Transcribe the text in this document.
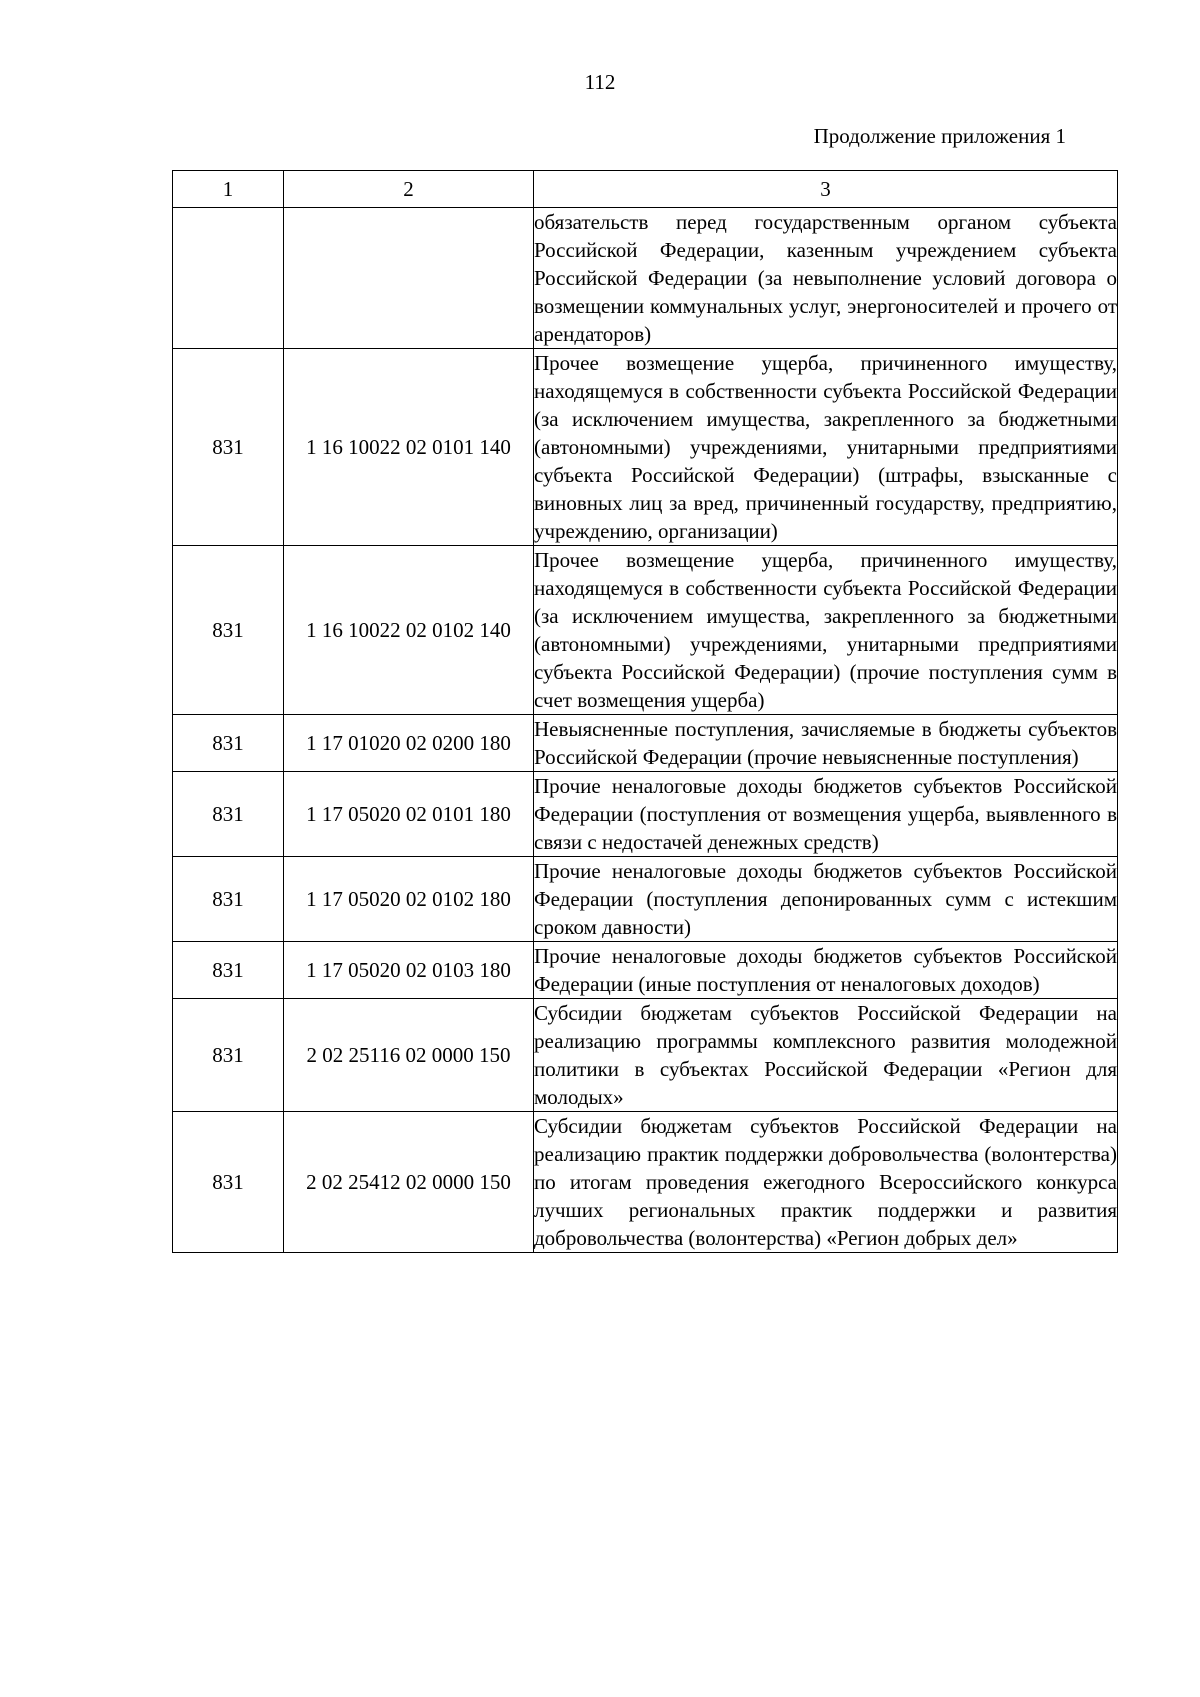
112
Продолжение приложения 1
1	2	3
		обязательств перед государственным органом субъекта Российской Федерации, казенным учреждением субъекта Российской Федерации (за невыполнение условий договора о возмещении коммунальных услуг, энергоносителей и прочего от арендаторов)
831	1 16 10022 02 0101 140	Прочее возмещение ущерба, причиненного имуществу, находящемуся в собственности субъекта Российской Федерации (за исключением имущества, закрепленного за бюджетными (автономными) учреждениями, унитарными предприятиями субъекта Российской Федерации) (штрафы, взысканные с виновных лиц за вред, причиненный государству, предприятию, учреждению, организации)
831	1 16 10022 02 0102 140	Прочее возмещение ущерба, причиненного имуществу, находящемуся в собственности субъекта Российской Федерации (за исключением имущества, закрепленного за бюджетными (автономными) учреждениями, унитарными предприятиями субъекта Российской Федерации) (прочие поступления сумм в счет возмещения ущерба)
831	1 17 01020 02 0200 180	Невыясненные поступления, зачисляемые в бюджеты субъектов Российской Федерации (прочие невыясненные поступления)
831	1 17 05020 02 0101 180	Прочие неналоговые доходы бюджетов субъектов Российской Федерации (поступления от возмещения ущерба, выявленного в связи с недостачей денежных средств)
831	1 17 05020 02 0102 180	Прочие неналоговые доходы бюджетов субъектов Российской Федерации (поступления депонированных сумм с истекшим сроком давности)
831	1 17 05020 02 0103 180	Прочие неналоговые доходы бюджетов субъектов Российской Федерации (иные поступления от неналоговых доходов)
831	2 02 25116 02 0000 150	Субсидии бюджетам субъектов Российской Федерации на реализацию программы комплексного развития молодежной политики в субъектах Российской Федерации «Регион для молодых»
831	2 02 25412 02 0000 150	Субсидии бюджетам субъектов Российской Федерации на реализацию практик поддержки добровольчества (волонтерства) по итогам проведения ежегодного Всероссийского конкурса лучших региональных практик поддержки и развития добровольчества (волонтерства) «Регион добрых дел»
